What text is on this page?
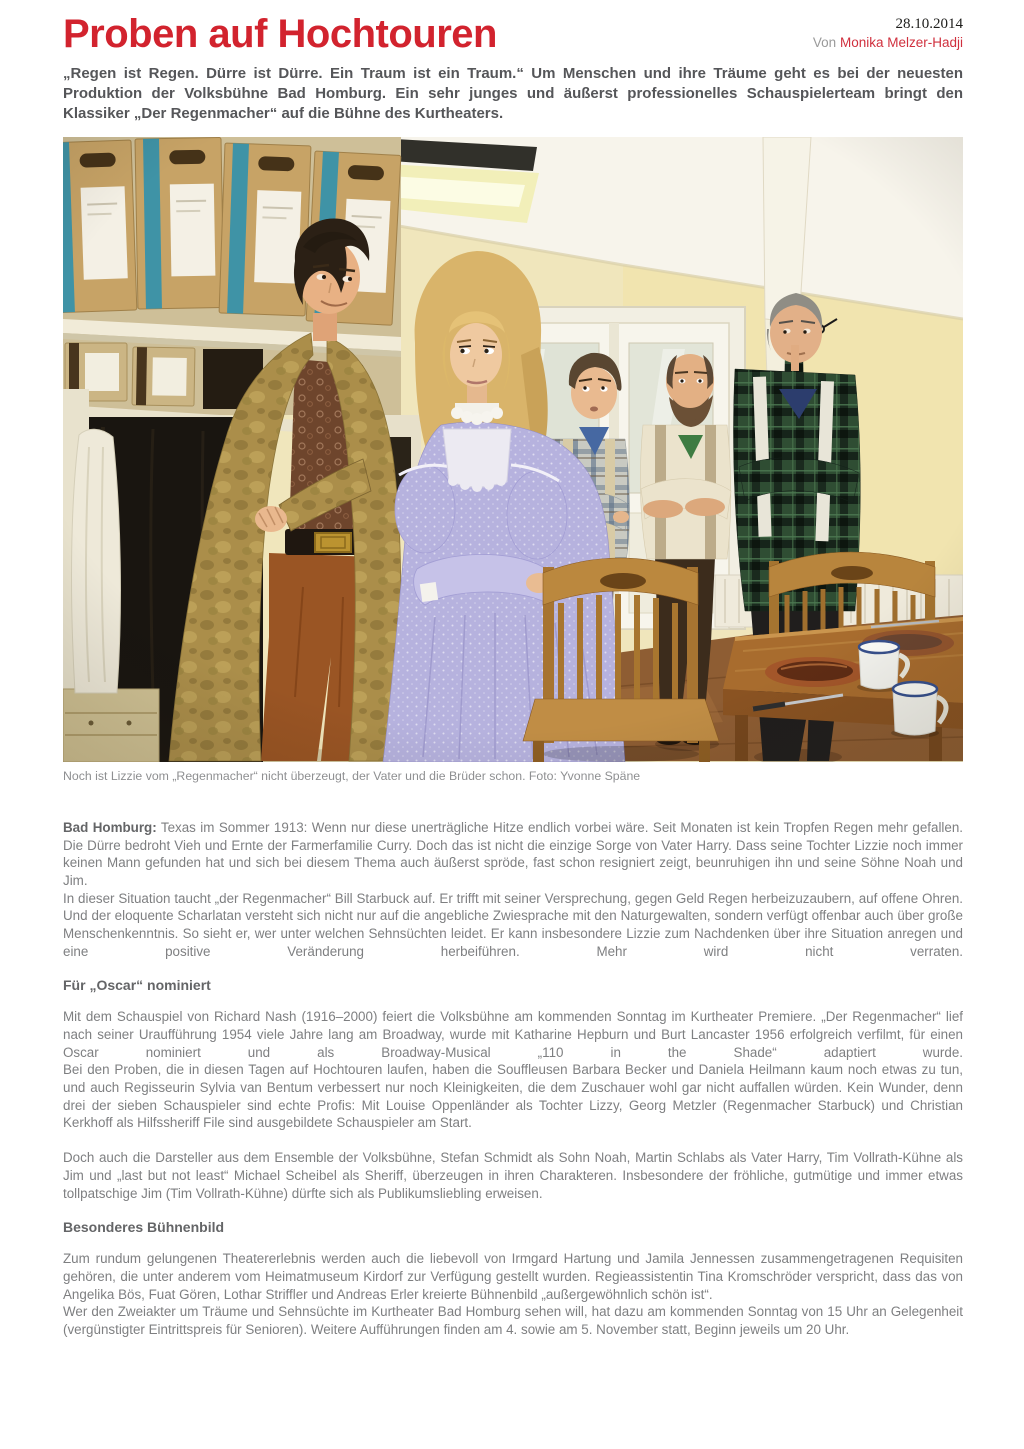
Proben auf Hochtouren	28.10.2014
Von Monika Melzer-Hadji

„Regen ist Regen. Dürre ist Dürre. Ein Traum ist ein Traum.“ Um Menschen und ihre Träume geht es bei der neuesten Produktion der Volksbühne Bad Homburg. Ein sehr junges und äußerst professionelles Schauspielerteam bringt den Klassiker „Der Regenmacher“ auf die Bühne des Kurtheaters.

Noch ist Lizzie vom „Regenmacher“ nicht überzeugt, der Vater und die Brüder schon. Foto: Yvonne Späne

Bad Homburg: Texas im Sommer 1913: Wenn nur diese unerträgliche Hitze endlich vorbei wäre. Seit Monaten ist kein Tropfen Regen mehr gefallen. Die Dürre bedroht Vieh und Ernte der Farmerfamilie Curry. Doch das ist nicht die einzige Sorge von Vater Harry. Dass seine Tochter Lizzie noch immer keinen Mann gefunden hat und sich bei diesem Thema auch äußerst spröde, fast schon resigniert zeigt, beunruhigen ihn und seine Söhne Noah und Jim.

In dieser Situation taucht „der Regenmacher“ Bill Starbuck auf. Er trifft mit seiner Versprechung, gegen Geld Regen herbeizuzaubern, auf offene Ohren. Und der eloquente Scharlatan versteht sich nicht nur auf die angebliche Zwiesprache mit den Naturgewalten, sondern verfügt offenbar auch über große Menschenkenntnis. So sieht er, wer unter welchen Sehnsüchten leidet. Er kann insbesondere Lizzie zum Nachdenken über ihre Situation anregen und eine positive Veränderung herbeiführen. Mehr wird nicht verraten.

Für „Oscar“ nominiert

Mit dem Schauspiel von Richard Nash (1916–2000) feiert die Volksbühne am kommenden Sonntag im Kurtheater Premiere. „Der Regenmacher“ lief nach seiner Uraufführung 1954 viele Jahre lang am Broadway, wurde mit Katharine Hepburn und Burt Lancaster 1956 erfolgreich verfilmt, für einen Oscar nominiert und als Broadway-Musical „110 in the Shade“ adaptiert wurde.

Bei den Proben, die in diesen Tagen auf Hochtouren laufen, haben die Souffleusen Barbara Becker und Daniela Heilmann kaum noch etwas zu tun, und auch Regisseurin Sylvia van Bentum verbessert nur noch Kleinigkeiten, die dem Zuschauer wohl gar nicht auffallen würden. Kein Wunder, denn drei der sieben Schauspieler sind echte Profis: Mit Louise Oppenländer als Tochter Lizzy, Georg Metzler (Regenmacher Starbuck) und Christian Kerkhoff als Hilfssheriff File sind ausgebildete Schauspieler am Start.

Doch auch die Darsteller aus dem Ensemble der Volksbühne, Stefan Schmidt als Sohn Noah, Martin Schlabs als Vater Harry, Tim Vollrath-Kühne als Jim und „last but not least“ Michael Scheibel als Sheriff, überzeugen in ihren Charakteren. Insbesondere der fröhliche, gutmütige und immer etwas tollpatschige Jim (Tim Vollrath-Kühne) dürfte sich als Publikumsliebling erweisen.

Besonderes Bühnenbild

Zum rundum gelungenen Theatererlebnis werden auch die liebevoll von Irmgard Hartung und Jamila Jennessen zusammengetragenen Requisiten gehören, die unter anderem vom Heimatmuseum Kirdorf zur Verfügung gestellt wurden. Regieassistentin Tina Kromschröder verspricht, dass das von Angelika Bös, Fuat Gören, Lothar Striffler und Andreas Erler kreierte Bühnenbild „außergewöhnlich schön ist“.

Wer den Zweiakter um Träume und Sehnsüchte im Kurtheater Bad Homburg sehen will, hat dazu am kommenden Sonntag von 15 Uhr an Gelegenheit (vergünstigter Eintrittspreis für Senioren). Weitere Aufführungen finden am 4. sowie am 5. November statt, Beginn jeweils um 20 Uhr.
